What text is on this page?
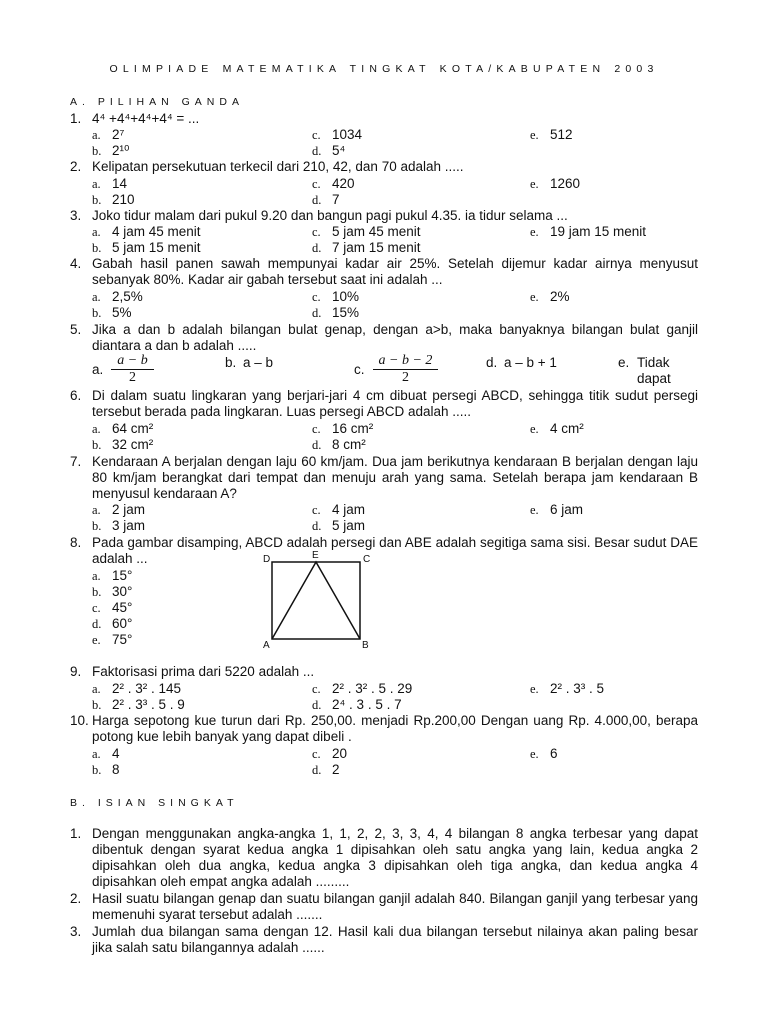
OLIMPIADE MATEMATIKA TINGKAT KOTA/KABUPATEN 2003
A. PILIHAN GANDA
1. 4⁴ +4⁴+4⁴+4⁴ = ...
a. 2⁷
b. 2¹⁰
c. 1034
d. 5⁴
e. 512
2. Kelipatan persekutuan terkecil dari 210, 42, dan 70 adalah .....
a. 14
b. 210
c. 420
d. 7
e. 1260
3. Joko tidur malam dari pukul 9.20 dan bangun pagi pukul 4.35. ia tidur selama ...
a. 4 jam 45 menit
b. 5 jam 15 menit
c. 5 jam 45 menit
d. 7 jam 15 menit
e. 19 jam 15 menit
4. Gabah hasil panen sawah mempunyai kadar air 25%. Setelah dijemur kadar airnya menyusut sebanyak 80%. Kadar air gabah tersebut saat ini adalah ...
a. 2,5%
b. 5%
c. 10%
d. 15%
e. 2%
5. Jika a dan b adalah bilangan bulat genap, dengan a>b, maka banyaknya bilangan bulat ganjil diantara a dan b adalah .....
a. $\frac{a - b}{2}$	a – b
b.	c. $\frac{a - b - 2}{2}$	d. a – b + 1	e. Tidak dapat
6. Di dalam suatu lingkaran yang berjari-jari 4 cm dibuat persegi ABCD, sehingga titik sudut persegi tersebut berada pada lingkaran. Luas persegi ABCD adalah .....
a. 64 cm²
b. 32 cm²
c. 16 cm²
d. 8 cm²
e. 4 cm²
7. Kendaraan A berjalan dengan laju 60 km/jam. Dua jam berikutnya kendaraan B berjalan dengan laju 80 km/jam berangkat dari tempat dan menuju arah yang sama. Setelah berapa jam kendaraan B menyusul kendaraan A?
a. 2 jam
b. 3 jam
c. 4 jam
d. 5 jam
e. 6 jam
8. Pada gambar disamping, ABCD adalah persegi dan ABE adalah segitiga sama sisi. Besar sudut DAE adalah ...
a. 15°
b. 30°
c. 45°
d. 60°
e. 75°
D	E	C
A	B
9. Faktorisasi prima dari 5220 adalah ...
a. 2² . 3² . 145
b. 2² . 3³ . 5 . 9
c. 2² . 3² . 5 . 29
d. 2⁴ . 3 . 5 . 7
e. 2² . 3³ . 5
10. Harga sepotong kue turun dari Rp. 250,00. menjadi Rp.200,00 Dengan uang Rp. 4.000,00, berapa potong kue lebih banyak yang dapat dibeli .
a. 4
b. 8
c. 20
d. 2
e. 6
B. ISIAN SINGKAT
1. Dengan menggunakan angka-angka 1, 1, 2, 2, 3, 3, 4, 4 bilangan 8 angka terbesar yang dapat dibentuk dengan syarat kedua angka 1 dipisahkan oleh satu angka yang lain, kedua angka 2 dipisahkan oleh dua angka, kedua angka 3 dipisahkan oleh tiga angka, dan kedua angka 4 dipisahkan oleh empat angka adalah .........
2. Hasil suatu bilangan genap dan suatu bilangan ganjil adalah 840. Bilangan ganjil yang terbesar yang memenuhi syarat tersebut adalah .......
3. Jumlah dua bilangan sama dengan 12. Hasil kali dua bilangan tersebut nilainya akan paling besar jika salah satu bilangannya adalah ......
